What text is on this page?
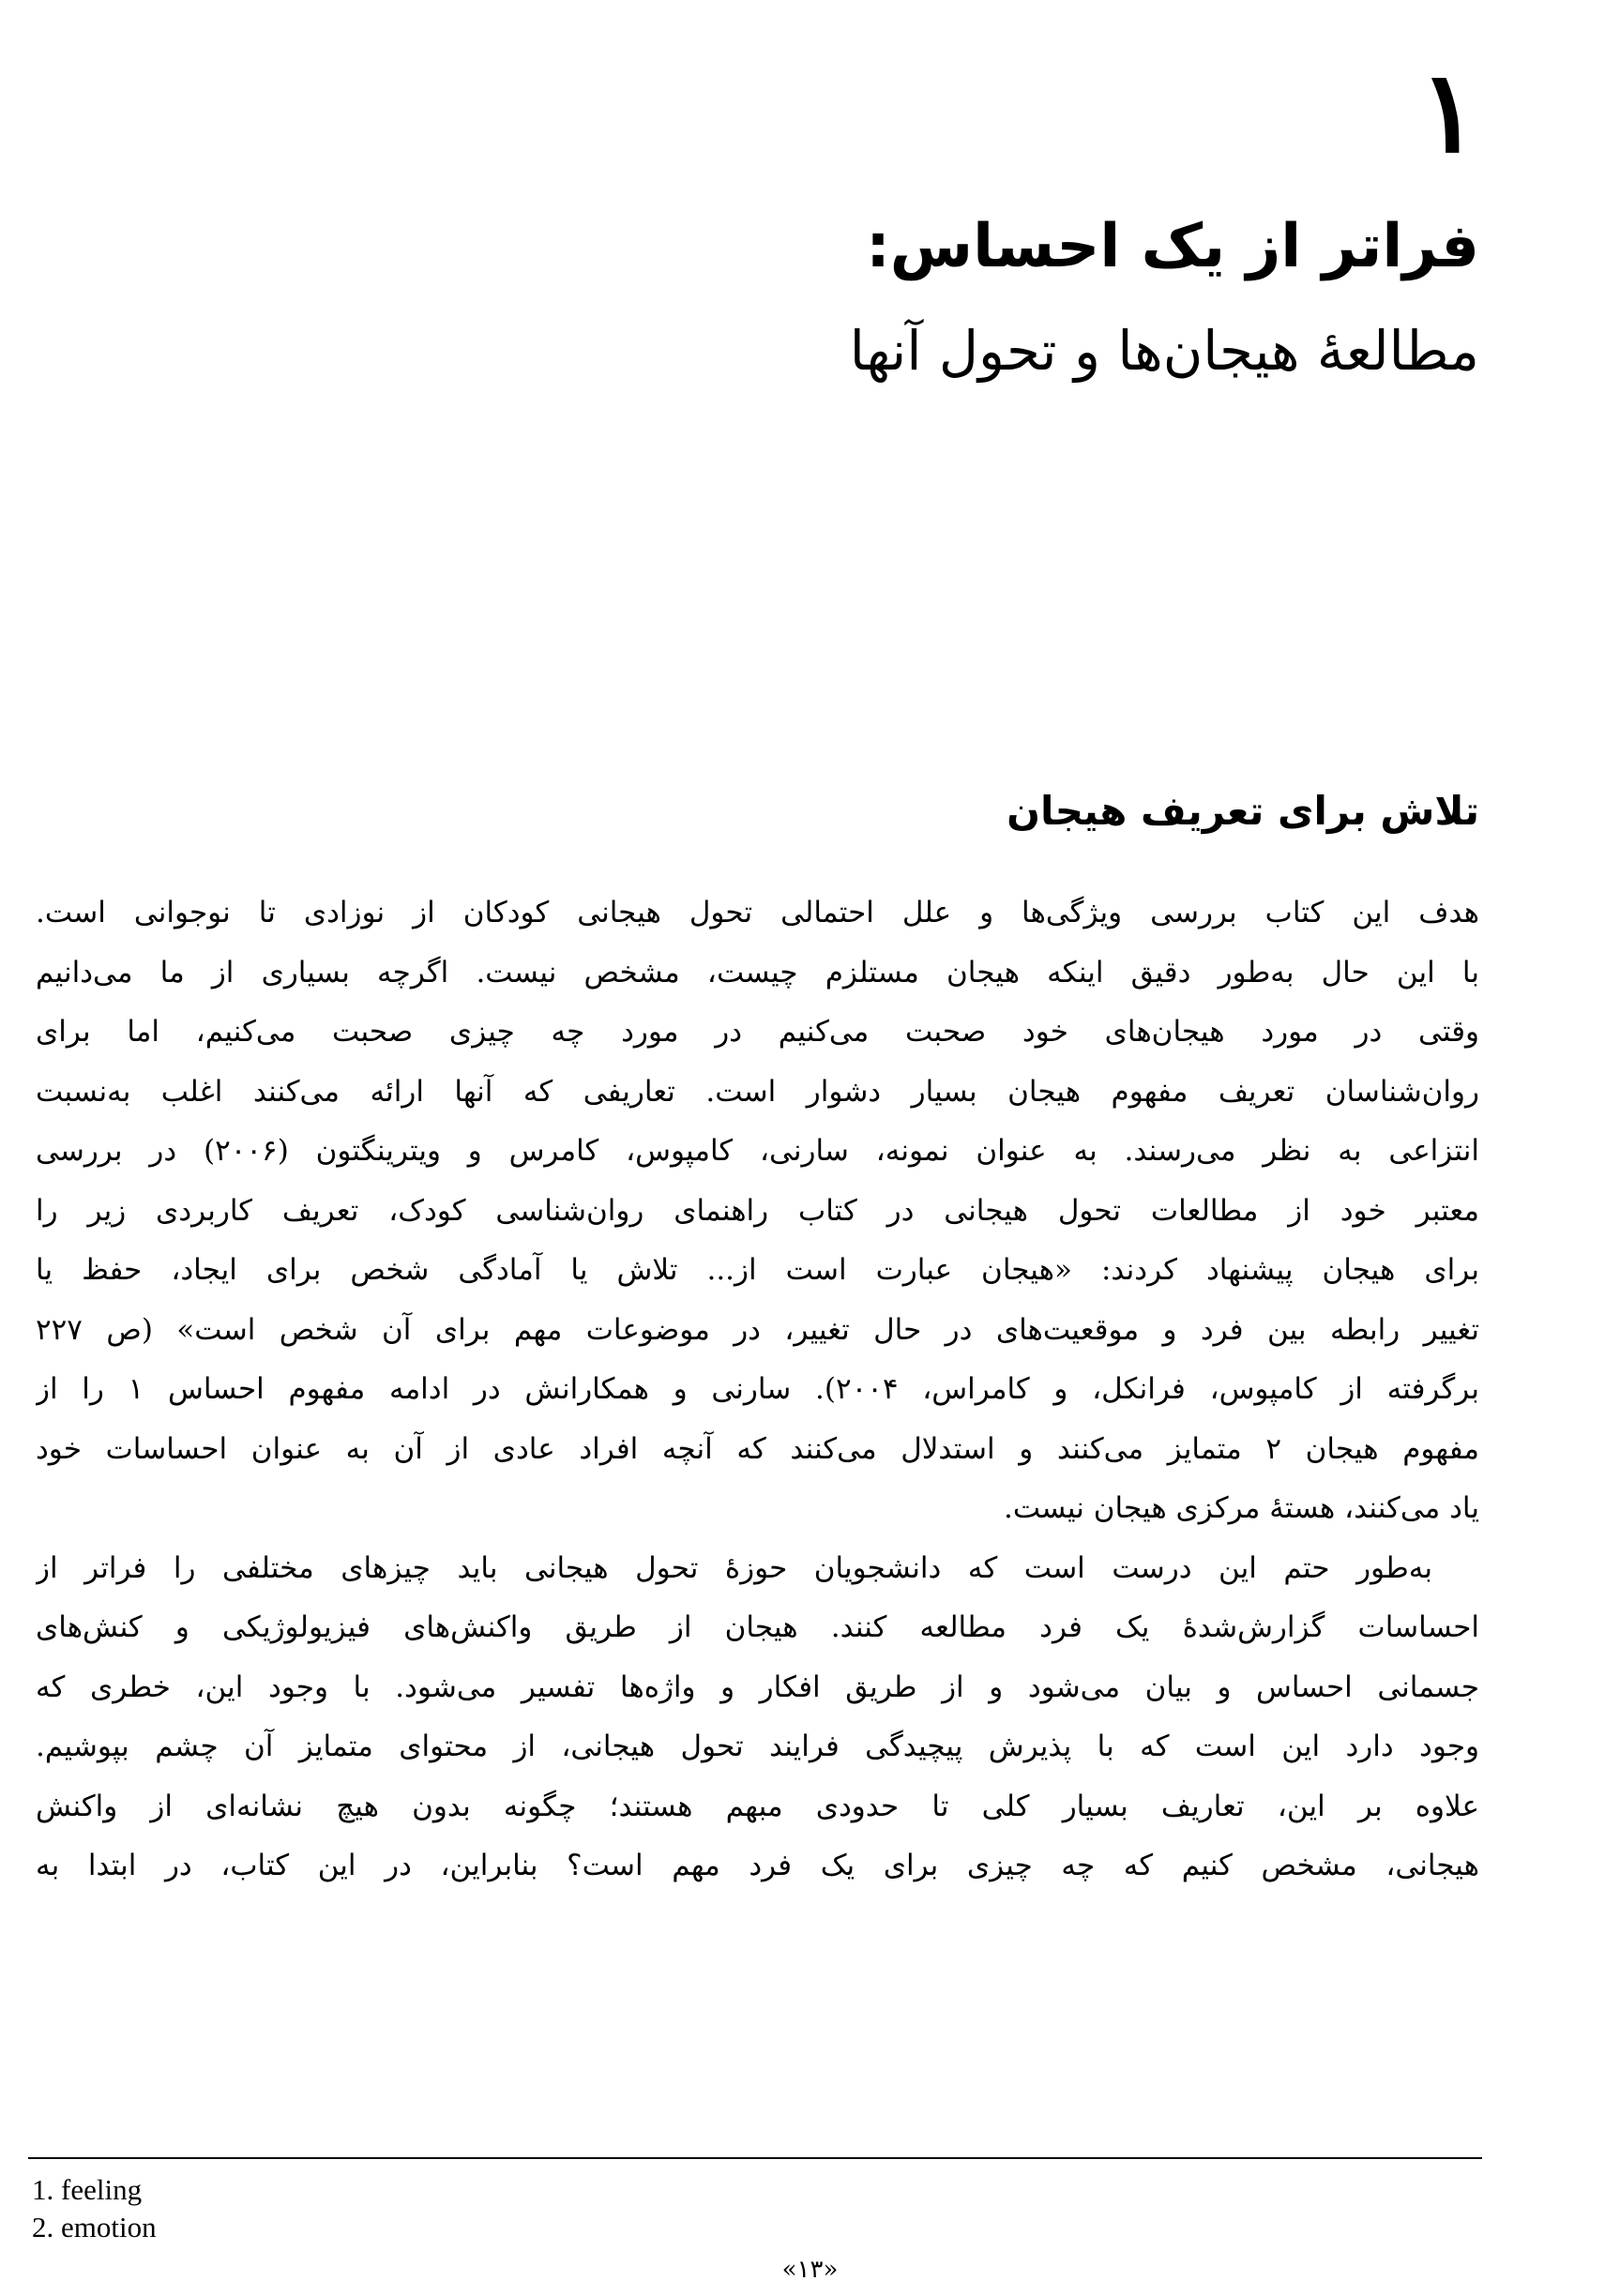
۱
فراتر از یک احساس:
مطالعۀ هیجان‌ها و تحول آنها
تلاش برای تعریف هیجان
هدف این کتاب بررسی ویژگی‌ها و علل احتمالی تحول هیجانی کودکان از نوزادی تا نوجوانی است.
با این حال به‌طور دقیق اینکه هیجان مستلزم چیست، مشخص نیست. اگرچه بسیاری از ما می‌دانیم
وقتی در مورد هیجان‌های خود صحبت می‌کنیم در مورد چه چیزی صحبت می‌کنیم، اما برای
روان‌شناسان تعریف مفهوم هیجان بسیار دشوار است. تعاریفی که آنها ارائه می‌کنند اغلب به‌نسبت
انتزاعی به نظر می‌رسند. به عنوان نمونه، سارنی، کامپوس، کامرس و ویترینگتون (۲۰۰۶) در بررسی
معتبر خود از مطالعات تحول هیجانی در کتاب راهنمای روان‌شناسی کودک، تعریف کاربردی زیر را
برای هیجان پیشنهاد کردند: «هیجان عبارت است از... تلاش یا آمادگی شخص برای ایجاد، حفظ یا
تغییر رابطه بین فرد و موقعیت‌های در حال تغییر، در موضوعات مهم برای آن شخص است» (ص ۲۲۷
برگرفته از کامپوس، فرانکل، و کامراس، ۲۰۰۴). سارنی و همکارانش در ادامه مفهوم احساس ۱ را از
مفهوم هیجان ۲ متمایز می‌کنند و استدلال می‌کنند که آنچه افراد عادی از آن به عنوان احساسات خود
یاد می‌کنند، هستۀ مرکزی هیجان نیست.
به‌طور حتم این درست است که دانشجویان حوزۀ تحول هیجانی باید چیزهای مختلفی را فراتر از
احساسات گزارش‌شدۀ یک فرد مطالعه کنند. هیجان از طریق واکنش‌های فیزیولوژیکی و کنش‌های
جسمانی احساس و بیان می‌شود و از طریق افکار و واژه‌ها تفسیر می‌شود. با وجود این، خطری که
وجود دارد این است که با پذیرش پیچیدگی فرایند تحول هیجانی، از محتوای متمایز آن چشم بپوشیم.
علاوه بر این، تعاریف بسیار کلی تا حدودی مبهم هستند؛ چگونه بدون هیچ نشانه‌ای از واکنش
هیجانی، مشخص کنیم که چه چیزی برای یک فرد مهم است؟ بنابراین، در این کتاب، در ابتدا به
1. feeling
2. emotion
«۱۳»
